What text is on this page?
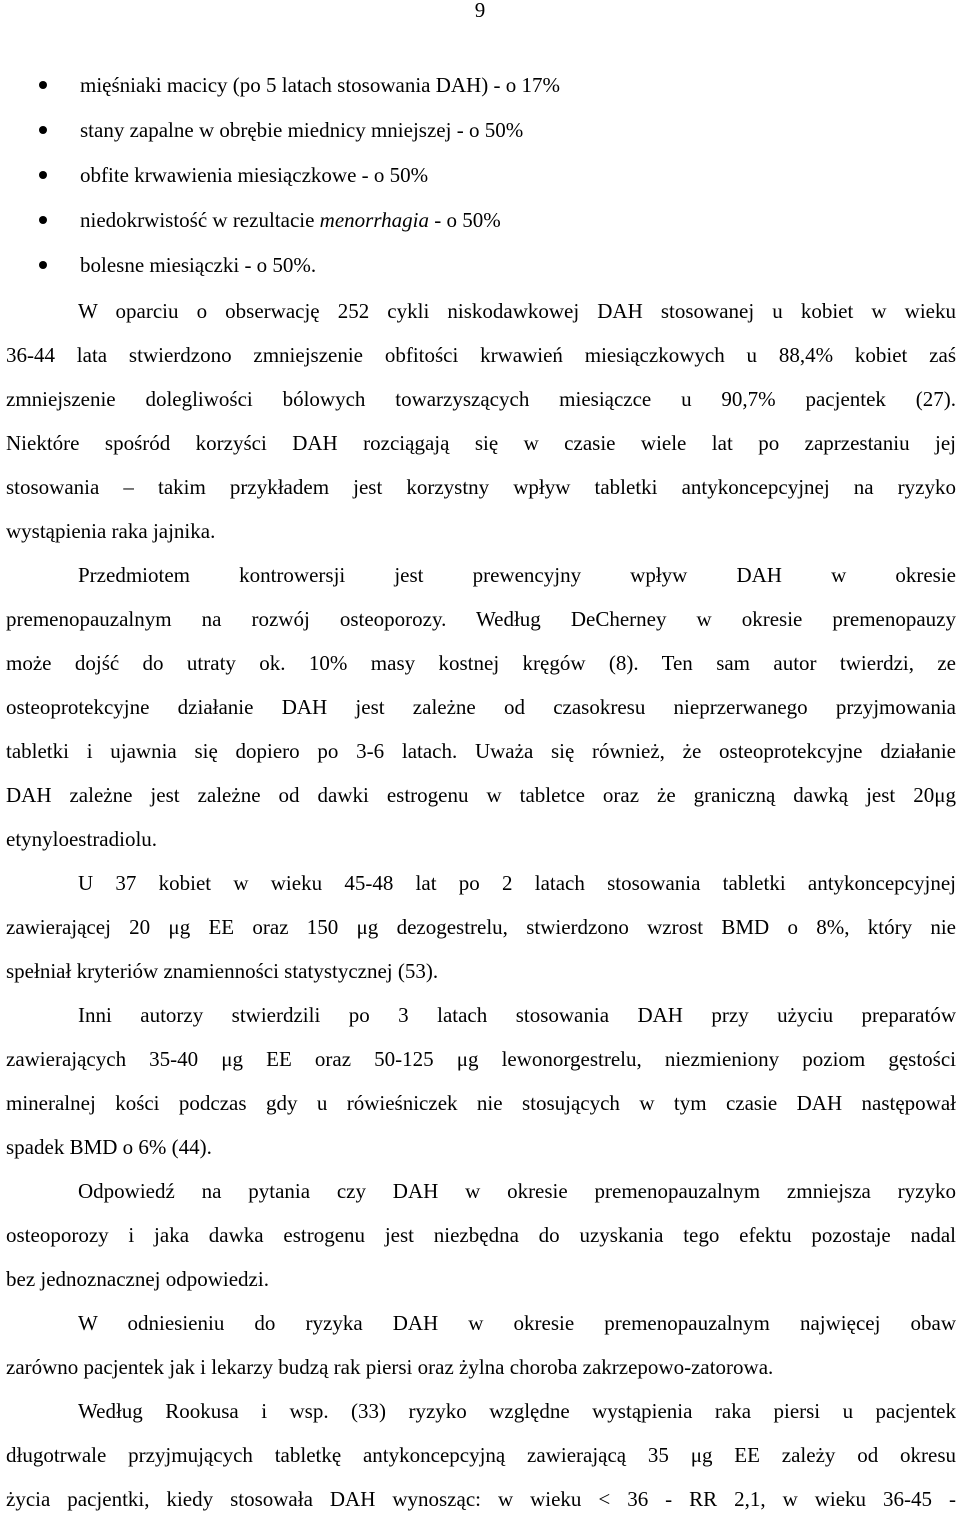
9
mięśniaki macicy (po 5 latach stosowania DAH) - o 17%
stany zapalne w obrębie miednicy mniejszej - o 50%
obfite krwawienia miesiączkowe - o 50%
niedokrwistość w rezultacie menorrhagia - o 50%
bolesne miesiączki - o 50%.
W oparciu o obserwację 252 cykli niskodawkowej DAH stosowanej u kobiet w wieku
36-44 lata stwierdzono zmniejszenie obfitości krwawień miesiączkowych u 88,4% kobiet zaś
zmniejszenie dolegliwości bólowych towarzyszących miesiączce u 90,7% pacjentek (27).
Niektóre spośród korzyści DAH rozciągają się w czasie wiele lat po zaprzestaniu jej
stosowania – takim przykładem jest korzystny wpływ tabletki antykoncepcyjnej na ryzyko
wystąpienia raka jajnika.
Przedmiotem kontrowersji jest prewencyjny wpływ DAH w okresie
premenopauzalnym na rozwój osteoporozy. Według DeCherney w okresie premenopauzy
może dojść do utraty ok. 10% masy kostnej kręgów (8). Ten sam autor twierdzi, ze
osteoprotekcyjne działanie DAH jest zależne od czasokresu nieprzerwanego przyjmowania
tabletki i ujawnia się dopiero po 3-6 latach. Uważa się również, że osteoprotekcyjne działanie
DAH zależne jest zależne od dawki estrogenu w tabletce oraz że graniczną dawką jest 20μg
etynyloestradiolu.
U 37 kobiet w wieku 45-48 lat po 2 latach stosowania tabletki antykoncepcyjnej
zawierającej 20 μg EE oraz 150 μg dezogestrelu, stwierdzono wzrost BMD o 8%, który nie
spełniał kryteriów znamienności statystycznej (53).
Inni autorzy stwierdzili po 3 latach stosowania DAH przy użyciu preparatów
zawierających 35-40 μg EE oraz 50-125 μg lewonorgestrelu, niezmieniony poziom gęstości
mineralnej kości podczas gdy u rówieśniczek nie stosujących w tym czasie DAH następował
spadek BMD o 6% (44).
Odpowiedź na pytania czy DAH w okresie premenopauzalnym zmniejsza ryzyko
osteoporozy i jaka dawka estrogenu jest niezbędna do uzyskania tego efektu pozostaje nadal
bez jednoznacznej odpowiedzi.
W odniesieniu do ryzyka DAH w okresie premenopauzalnym najwięcej obaw
zarówno pacjentek jak i lekarzy budzą rak piersi oraz żylna choroba zakrzepowo-zatorowa.
Według Rookusa i wsp. (33) ryzyko względne wystąpienia raka piersi u pacjentek
długotrwale przyjmujących tabletkę antykoncepcyjną zawierającą 35 μg EE zależy od okresu
życia pacjentki, kiedy stosowała DAH wynosząc: w wieku < 36 - RR 2,1, w wieku 36-45 -
